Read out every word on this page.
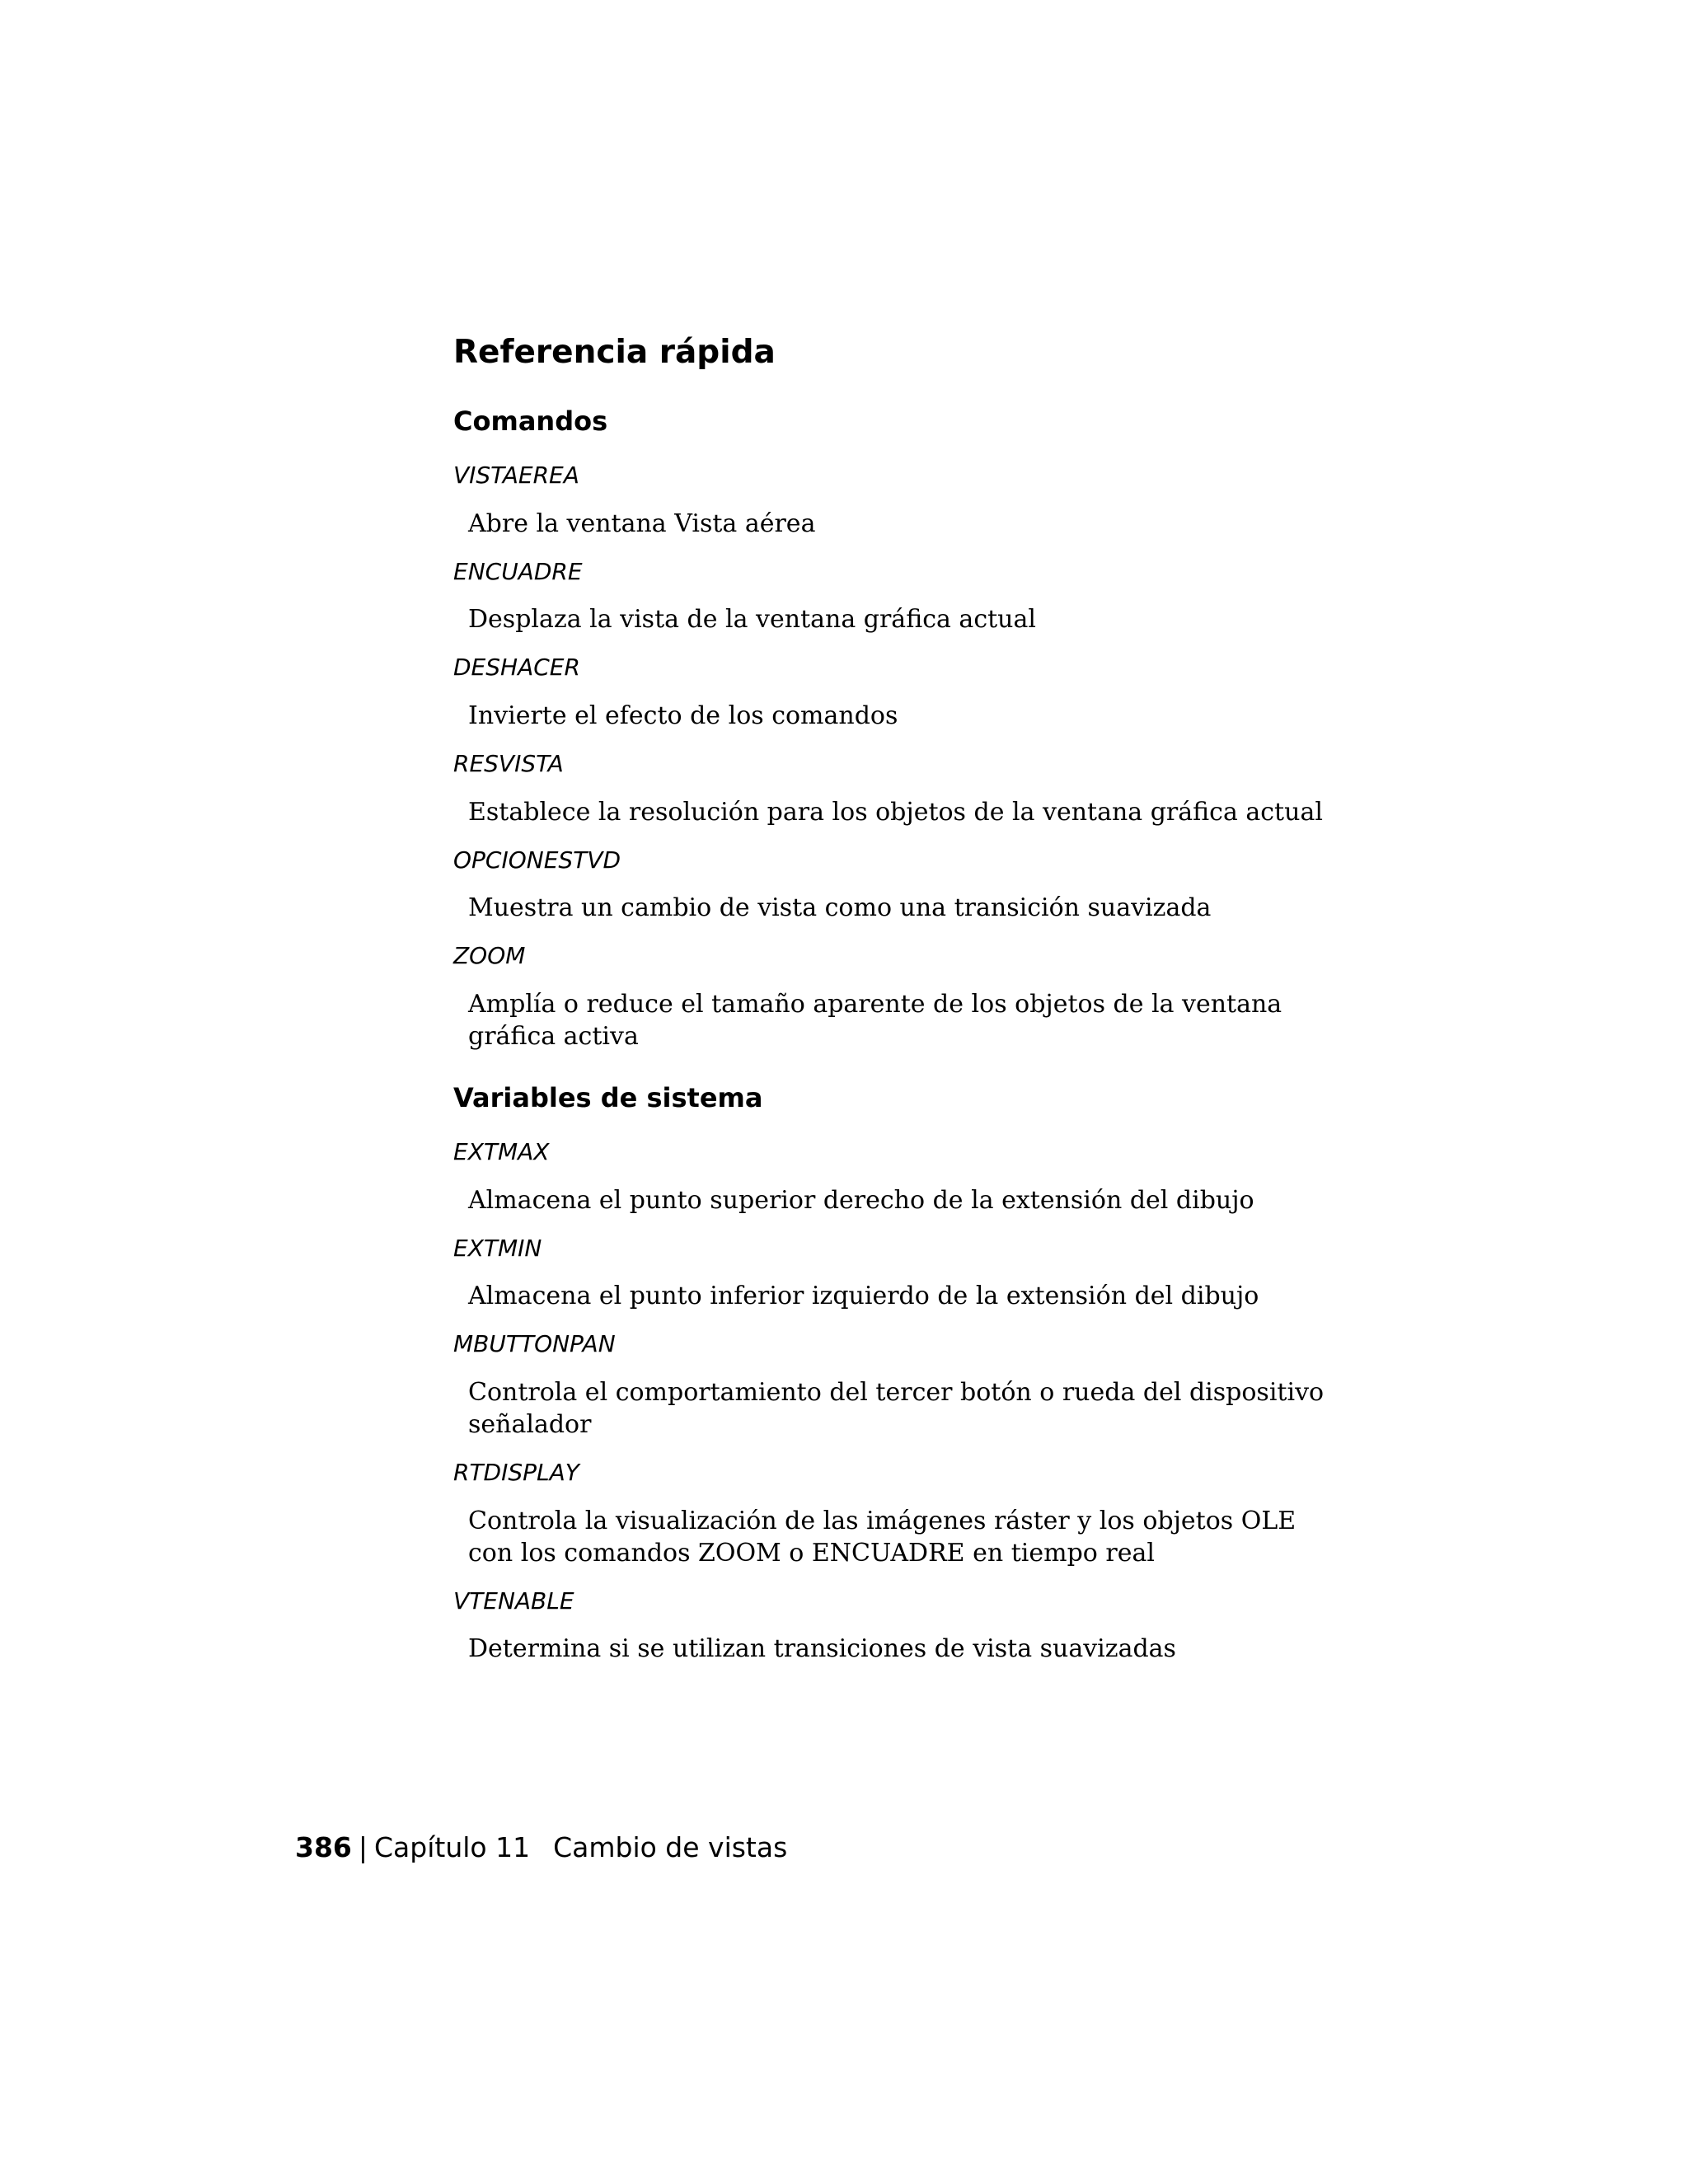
Referencia rápida
Comandos
VISTAEREA
Abre la ventana Vista aérea
ENCUADRE
Desplaza la vista de la ventana gráfica actual
DESHACER
Invierte el efecto de los comandos
RESVISTA
Establece la resolución para los objetos de la ventana gráfica actual
OPCIONESTVD
Muestra un cambio de vista como una transición suavizada
ZOOM
Amplía o reduce el tamaño aparente de los objetos de la ventana gráfica activa
Variables de sistema
EXTMAX
Almacena el punto superior derecho de la extensión del dibujo
EXTMIN
Almacena el punto inferior izquierdo de la extensión del dibujo
MBUTTONPAN
Controla el comportamiento del tercer botón o rueda del dispositivo señalador
RTDISPLAY
Controla la visualización de las imágenes ráster y los objetos OLE con los comandos ZOOM o ENCUADRE en tiempo real
VTENABLE
Determina si se utilizan transiciones de vista suavizadas
386 | Capítulo 11 Cambio de vistas
